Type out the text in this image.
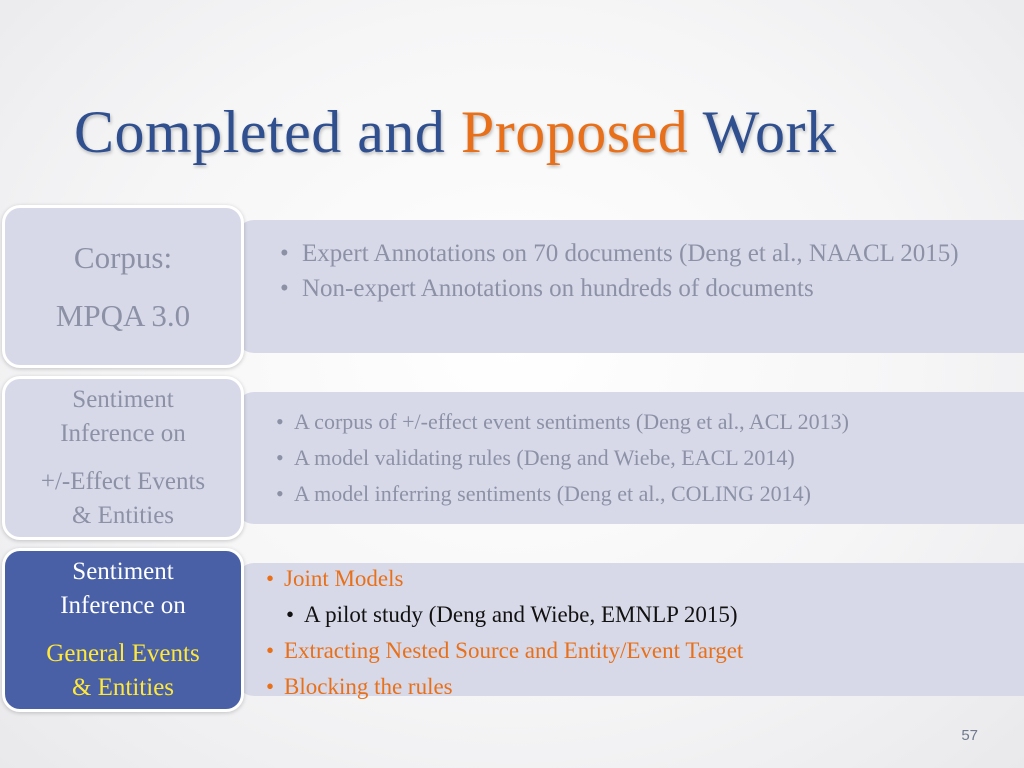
Completed and Proposed Work
• Expert Annotations on 70 documents (Deng et al., NAACL 2015)
• Non-expert Annotations on hundreds of documents
Corpus:
MPQA 3.0
• A corpus of +/-effect event sentiments (Deng et al., ACL 2013)
• A model validating rules (Deng and Wiebe, EACL 2014)
• A model inferring sentiments (Deng et al., COLING 2014)
Sentiment
Inference on
+/-Effect Events
& Entities
• Joint Models
• A pilot study (Deng and Wiebe, EMNLP 2015)
• Extracting Nested Source and Entity/Event Target
• Blocking the rules
Sentiment
Inference on
General Events
& Entities
57
